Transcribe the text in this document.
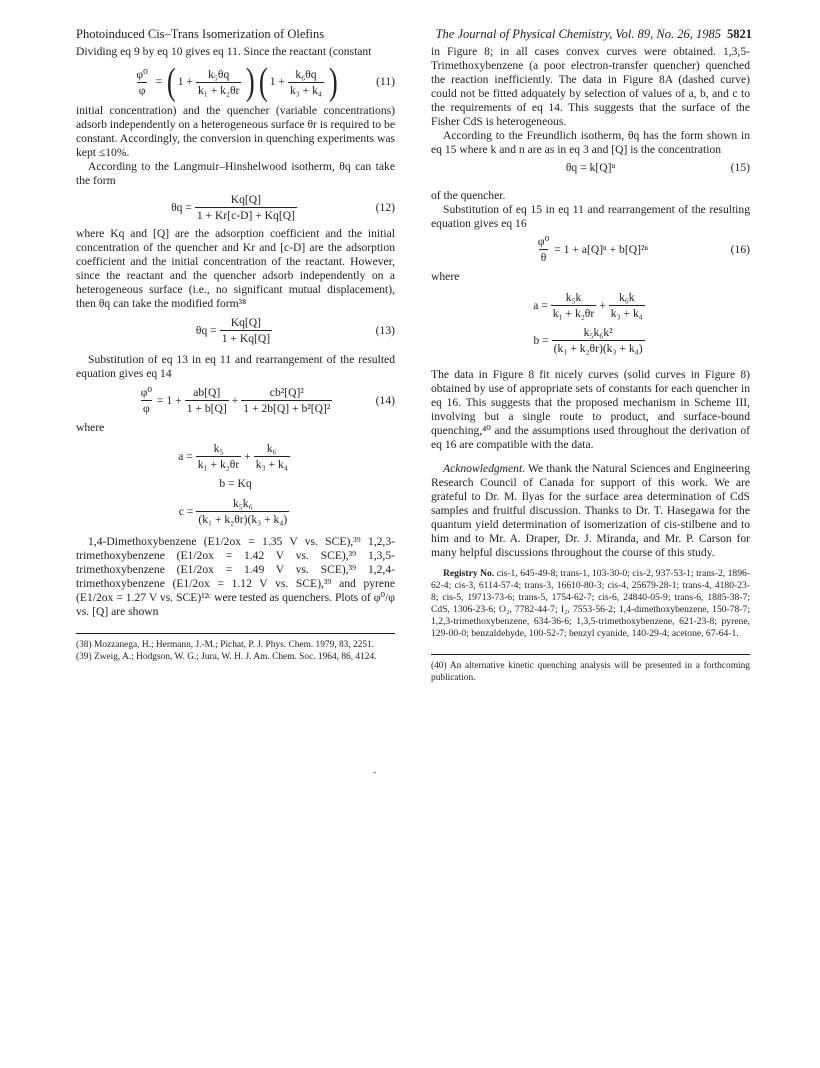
Photoinduced Cis–Trans Isomerization of Olefins	The Journal of Physical Chemistry, Vol. 89, No. 26, 1985 5821

Dividing eq 9 by eq 10 gives eq 11. Since the reactant (constant

$\frac{\text{φ⁰}}{\varphi}$ = ( $1 + \frac{\text{k₅θq}}{\text{k₁ + k₂θr}}$ ) ( $1 + \frac{\text{k₆θq}}{\text{k₃ + k₄}}$ )	(11)

initial concentration) and the quencher (variable concentrations) adsorb independently on a heterogeneous surface θr is required to be constant. Accordingly, the conversion in quenching experiments was kept ≤10%.

According to the Langmuir–Hinshelwood isotherm, θq can take the form

$\theta q = \frac{Kq[Q]}{1 + Kr[c-D] + Kq[Q]}$	(12)

where Kq and [Q] are the adsorption coefficient and the initial concentration of the quencher and Kr and [c-D] are the adsorption coefficient and the initial concentration of the reactant. However, since the reactant and the quencher adsorb independently on a heterogeneous surface (i.e., no significant mutual displacement), then θq can take the modified form³⁸

$\theta q = \frac{Kq[Q]}{1 + Kq[Q]}$	(13)

Substitution of eq 13 in eq 11 and rearrangement of the resulted equation gives eq 14

$\frac{\text{φ⁰}}{\varphi} = 1 + \frac{ab[Q]}{1 + b[Q]} + \frac{\text{cb²[Q]²}}{\text{1 + 2b[Q] + b²[Q]²}}$	(14)

where

$a = \frac{\text{k₅}}{\text{k₁ + k₂θr}} + \frac{\text{k₆}}{\text{k₃ + k₄}}$
b = Kq
$c = \frac{\text{k₅k₆}}{\text{(k₁ + k₂θr)(k₃ + k₄)}}$

1,4-Dimethoxybenzene (E1/2ox = 1.35 V vs. SCE),³⁹ 1,2,3-trimethoxybenzene (E1/2ox = 1.42 V vs. SCE),³⁹ 1,3,5-trimethoxybenzene (E1/2ox = 1.49 V vs. SCE),³⁹ 1,2,4-trimethoxybenzene (E1/2ox = 1.12 V vs. SCE),³⁹ and pyrene (E1/2ox = 1.27 V vs. SCE)¹²ᶜ were tested as quenchers. Plots of φ⁰/φ vs. [Q] are shown

(38) Mozzanega, H.; Hermann, J.-M.; Pichat, P. J. Phys. Chem. 1979, 83, 2251.

(39) Zweig, A.; Hodgson, W. G.; Jura, W. H. J. Am. Chem. Soc. 1964, 86, 4124.

in Figure 8; in all cases convex curves were obtained. 1,3,5-Trimethoxybenzene (a poor electron-transfer quencher) quenched the reaction inefficiently. The data in Figure 8A (dashed curve) could not be fitted adquately by selection of values of a, b, and c to the requirements of eq 14. This suggests that the surface of the Fisher CdS is heterogeneous.

According to the Freundlich isotherm, θq has the form shown in eq 15 where k and n are as in eq 3 and [Q] is the concentration

θq = k[Q]ⁿ	(15)

of the quencher.

Substitution of eq 15 in eq 11 and rearrangement of the resulting equation gives eq 16

$\frac{\text{φ⁰}}{\theta} = 1 + a[Q]^n + b[Q]^{2n}$	(16)

where

$a = \frac{\text{k₅k}}{\text{k₁ + k₂θr}} + \frac{\text{k₆k}}{\text{k₃ + k₄}}$
$b = \frac{\text{k₅k₆k²}}{\text{(k₁ + k₂θr)(k₃ + k₄)}}$

The data in Figure 8 fit nicely curves (solid curves in Figure 8) obtained by use of appropriate sets of constants for each quencher in eq 16. This suggests that the proposed mechanism in Scheme III, involving but a single route to product, and surface-bound quenching,⁴⁰ and the assumptions used throughout the derivation of eq 16 are compatible with the data.

Acknowledgment. We thank the Natural Sciences and Engineering Research Council of Canada for support of this work. We are grateful to Dr. M. Ilyas for the surface area determination of CdS samples and fruitful discussion. Thanks to Dr. T. Hasegawa for the quantum yield determination of isomerization of cis-stilbene and to him and to Mr. A. Draper, Dr. J. Miranda, and Mr. P. Carson for many helpful discussions throughout the course of this study.

Registry No. cis-1, 645-49-8; trans-1, 103-30-0; cis-2, 937-53-1; trans-2, 1896-62-4; cis-3, 6114-57-4; trans-3, 16610-80-3; cis-4, 25679-28-1; trans-4, 4180-23-8; cis-5, 19713-73-6; trans-5, 1754-62-7; cis-6, 24840-05-9; trans-6, 1885-38-7; CdS, 1306-23-6; O₂, 7782-44-7; I₂, 7553-56-2; 1,4-dimethoxybenzene, 150-78-7; 1,2,3-trimethoxybenzene, 634-36-6; 1,3,5-trimethoxybenzene, 621-23-8; pyrene, 129-00-0; benzaldehyde, 100-52-7; benzyl cyanide, 140-29-4; acetone, 67-64-1.

(40) An alternative kinetic quenching analysis will be presented in a forthcoming publication.
